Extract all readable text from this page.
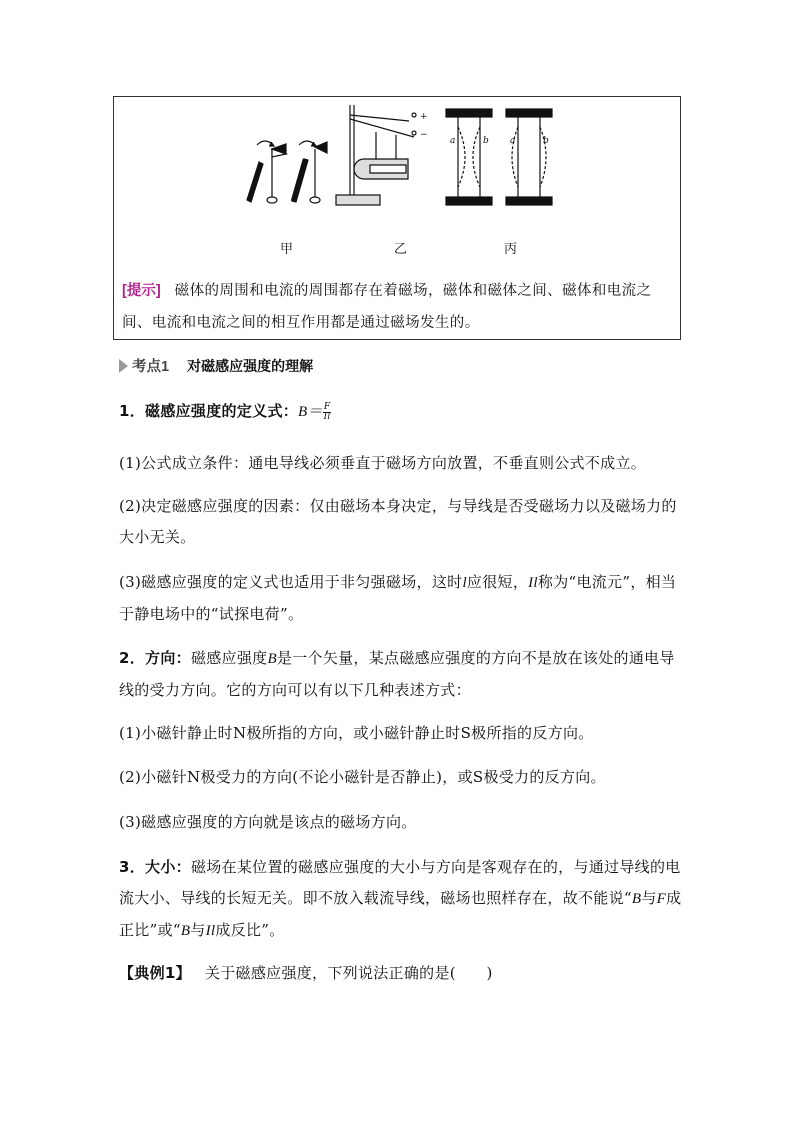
+
−
a	b a	b
甲	乙	丙
[提示] 磁体的周围和电流的周围都存在着磁场，磁体和磁体之间、磁体和电流之间、电流和电流之间的相互作用都是通过磁场发生的。
考点1 对磁感应强度的理解
1．磁感应强度的定义式：$B= \frac{F}{Il}$
(1)公式成立条件：通电导线必须垂直于磁场方向放置，不垂直则公式不成立。
(2)决定磁感应强度的因素：仅由磁场本身决定，与导线是否受磁场力以及磁场力的大小无关。
(3)磁感应强度的定义式也适用于非匀强磁场，这时l应很短，Il称为“电流元”，相当于静电场中的“试探电荷”。
2．方向：磁感应强度B是一个矢量，某点磁感应强度的方向不是放在该处的通电导线的受力方向。它的方向可以有以下几种表述方式：
(1)小磁针静止时N极所指的方向，或小磁针静止时S极所指的反方向。
(2)小磁针N极受力的方向(不论小磁针是否静止)，或S极受力的反方向。
(3)磁感应强度的方向就是该点的磁场方向。
3．大小：磁场在某位置的磁感应强度的大小与方向是客观存在的，与通过导线的电流大小、导线的长短无关。即不放入载流导线，磁场也照样存在，故不能说“B与F成正比”或“B与Il成反比”。
【典例1】 关于磁感应强度，下列说法正确的是(　　)
